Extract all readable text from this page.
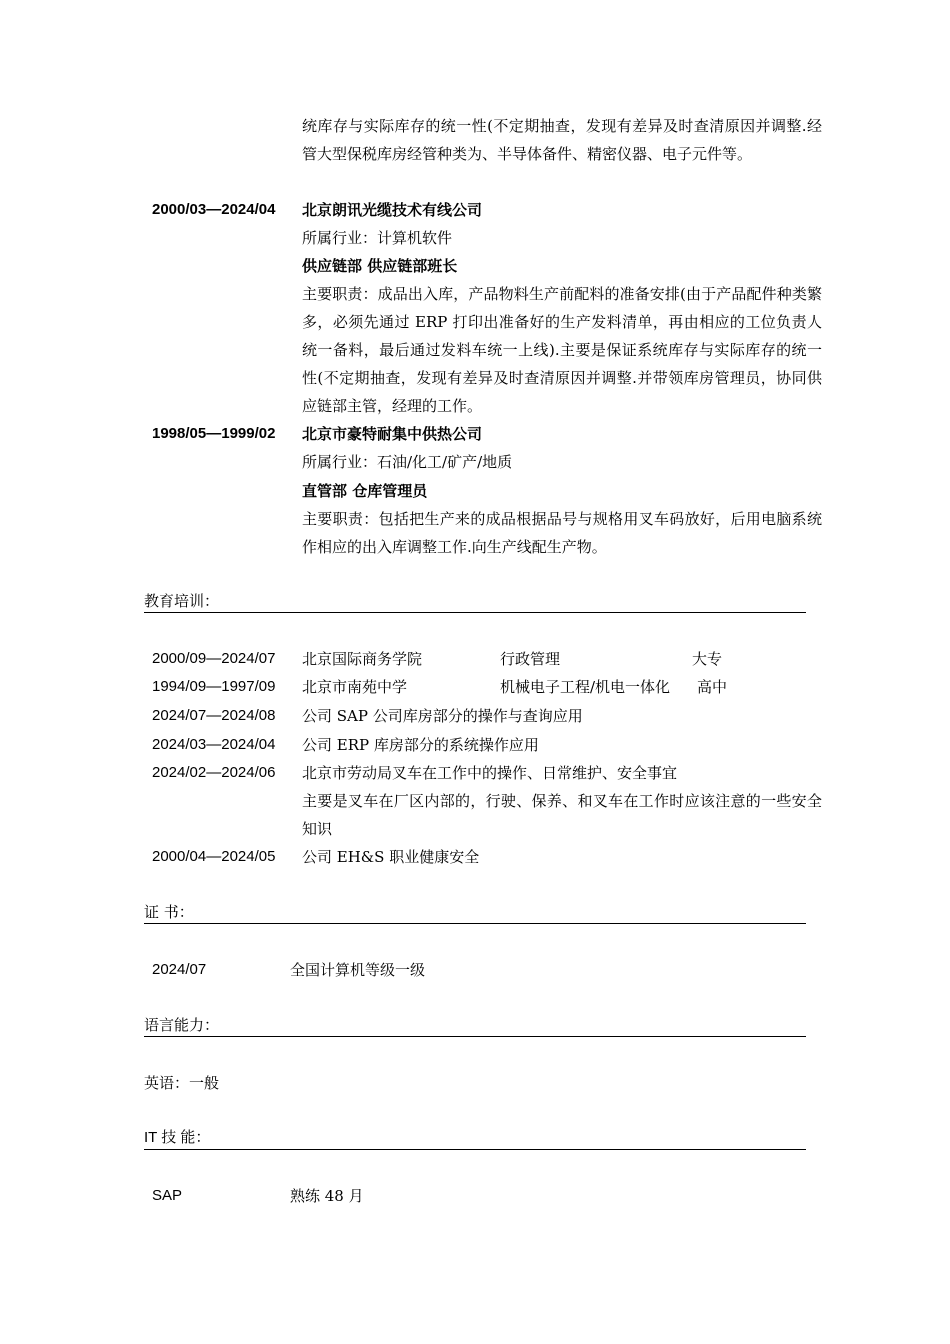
统库存与实际库存的统一性(不定期抽查，发现有差异及时查清原因并调整.经管大型保税库房经管种类为、半导体备件、精密仪器、电子元件等。
2000/03—2024/04 北京朗讯光缆技术有线公司
所属行业：计算机软件
供应链部 供应链部班长
主要职责：成品出入库，产品物料生产前配料的准备安排(由于产品配件种类繁多，必须先通过 ERP 打印出准备好的生产发料清单，再由相应的工位负责人统一备料，最后通过发料车统一上线).主要是保证系统库存与实际库存的统一性(不定期抽查，发现有差异及时查清原因并调整.并带领库房管理员，协同供应链部主管，经理的工作。
1998/05—1999/02 北京市豪特耐集中供热公司
所属行业：石油/化工/矿产/地质
直管部 仓库管理员
主要职责：包括把生产来的成品根据品号与规格用叉车码放好，后用电脑系统作相应的出入库调整工作.向生产线配生产物。
教育培训：
2000/09—2024/07 北京国际商务学院	行政管理	大专
1994/09—1997/09 北京市南苑中学	机械电子工程/机电一体化 高中
2024/07—2024/08 公司 SAP 公司库房部分的操作与查询应用
2024/03—2024/04 公司 ERP 库房部分的系统操作应用
2024/02—2024/06 北京市劳动局叉车在工作中的操作、日常维护、安全事宜
主要是叉车在厂区内部的，行驶、保养、和叉车在工作时应该注意的一些安全知识
2000/04—2024/05 公司 EH&S 职业健康安全
证 书：
2024/07	全国计算机等级一级
语言能力：
英语：一般
IT 技 能：
SAP	熟练 48 月
